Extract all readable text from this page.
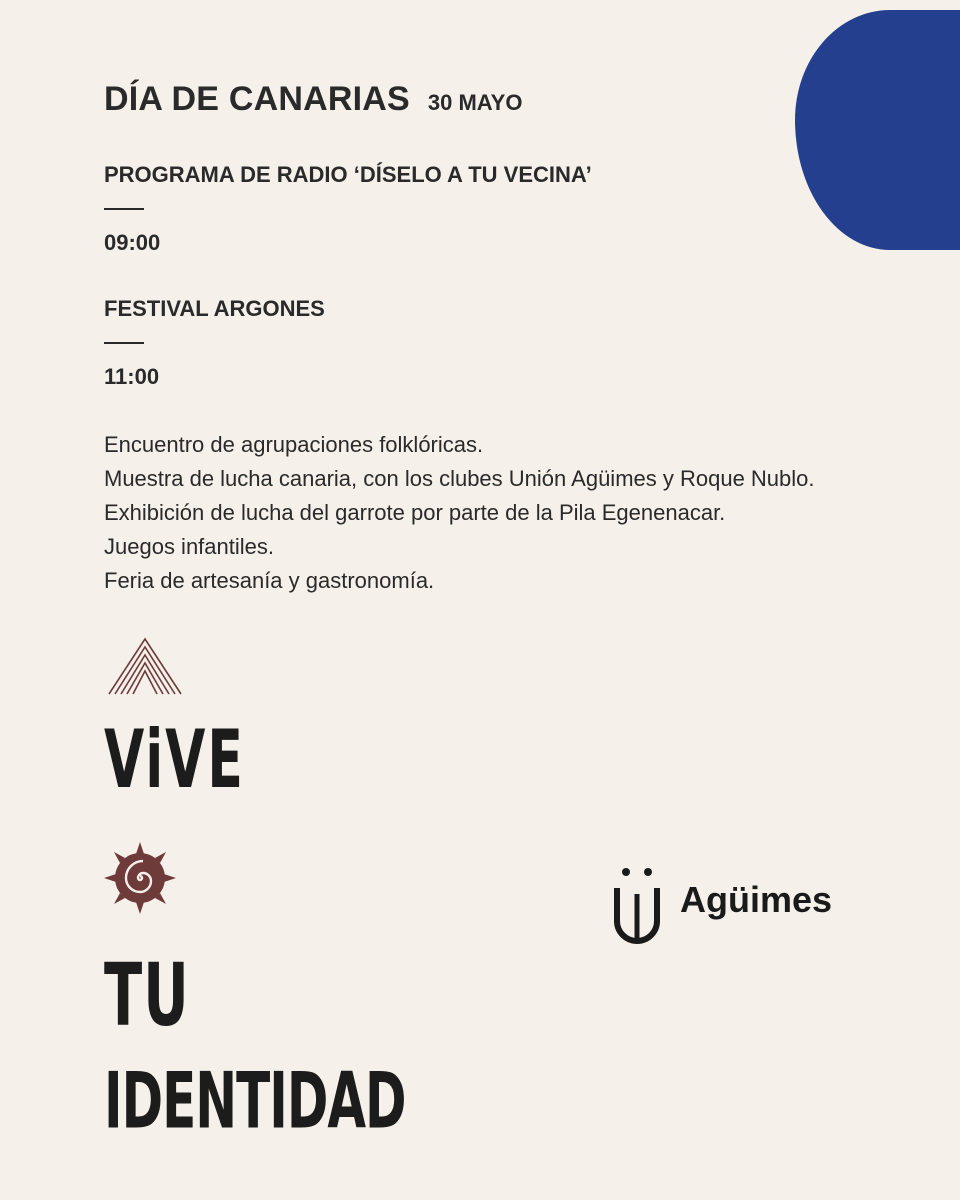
DÍA DE CANARIAS 30 MAYO
PROGRAMA DE RADIO ‘DÍSELO A TU VECINA’
09:00
FESTIVAL ARGONES
11:00
Encuentro de agrupaciones folklóricas.
Muestra de lucha canaria, con los clubes Unión Agüimes y Roque Nublo.
Exhibición de lucha del garrote por parte de la Pila Egenenacar.
Juegos infantiles.
Feria de artesanía y gastronomía.
ViVE
TU
IDENTIDAD
Agüimes
